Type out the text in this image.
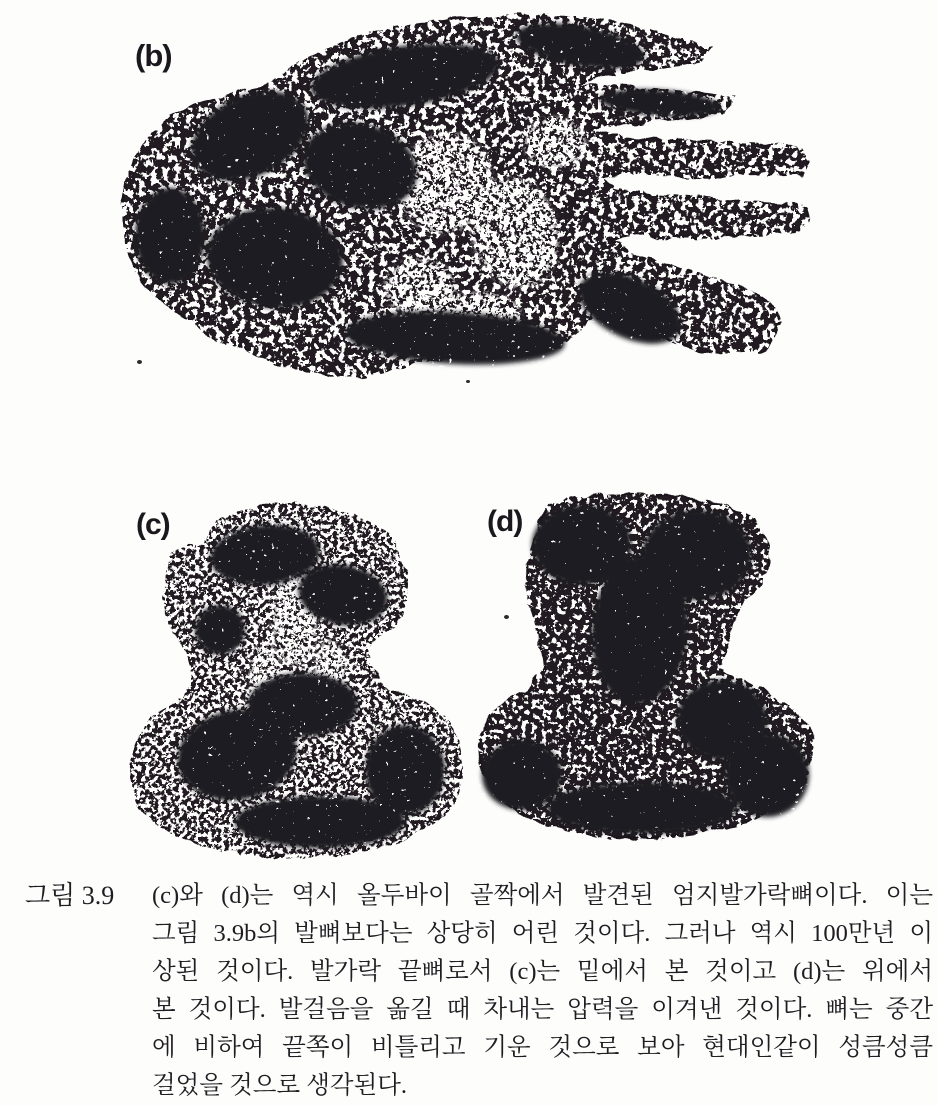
(b)
(c)	(d)
그림 3.9	(c)와 (d)는 역시 올두바이 골짝에서 발견된 엄지발가락뼈이다. 이는
그림 3.9b의 발뼈보다는 상당히 어린 것이다. 그러나 역시 100만년 이
상된 것이다. 발가락 끝뼈로서 (c)는 밑에서 본 것이고 (d)는 위에서
본 것이다. 발걸음을 옮길 때 차내는 압력을 이겨낸 것이다. 뼈는 중간
에 비하여 끝쪽이 비틀리고 기운 것으로 보아 현대인같이 성큼성큼
걸었을 것으로 생각된다.
